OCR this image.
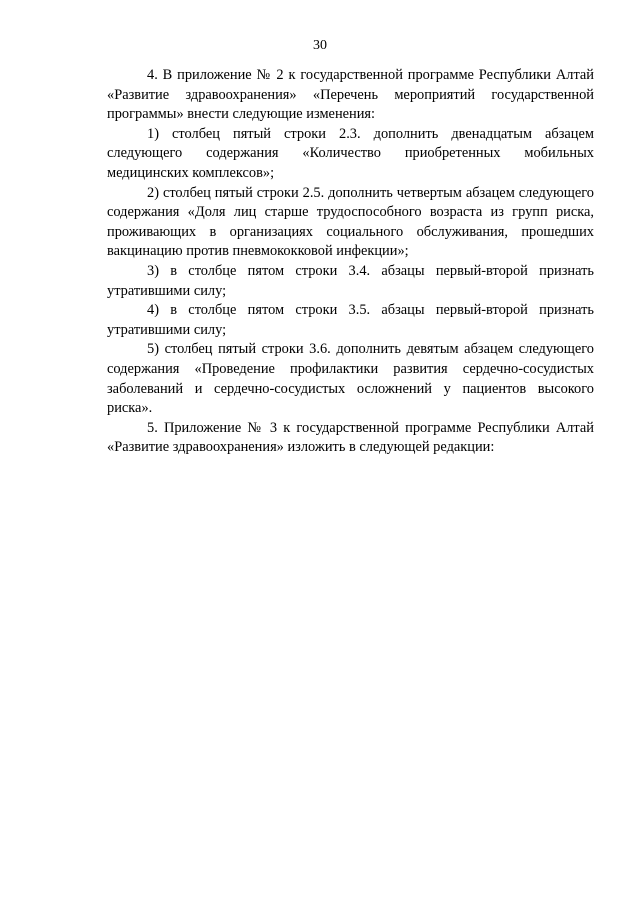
30

4. В приложение № 2 к государственной программе Республики Алтай «Развитие здравоохранения» «Перечень мероприятий государственной программы» внести следующие изменения:

1) столбец пятый строки 2.3. дополнить двенадцатым абзацем следующего содержания «Количество приобретенных мобильных медицинских комплексов»;

2) столбец пятый строки 2.5. дополнить четвертым абзацем следующего содержания «Доля лиц старше трудоспособного возраста из групп риска, проживающих в организациях социального обслуживания, прошедших вакцинацию против пневмококковой инфекции»;

3) в столбце пятом строки 3.4. абзацы первый-второй признать утратившими силу;

4) в столбце пятом строки 3.5. абзацы первый-второй признать утратившими силу;

5) столбец пятый строки 3.6. дополнить девятым абзацем следующего содержания «Проведение профилактики развития сердечно-сосудистых заболеваний и сердечно-сосудистых осложнений у пациентов высокого риска».

5. Приложение № 3 к государственной программе Республики Алтай «Развитие здравоохранения» изложить в следующей редакции:
